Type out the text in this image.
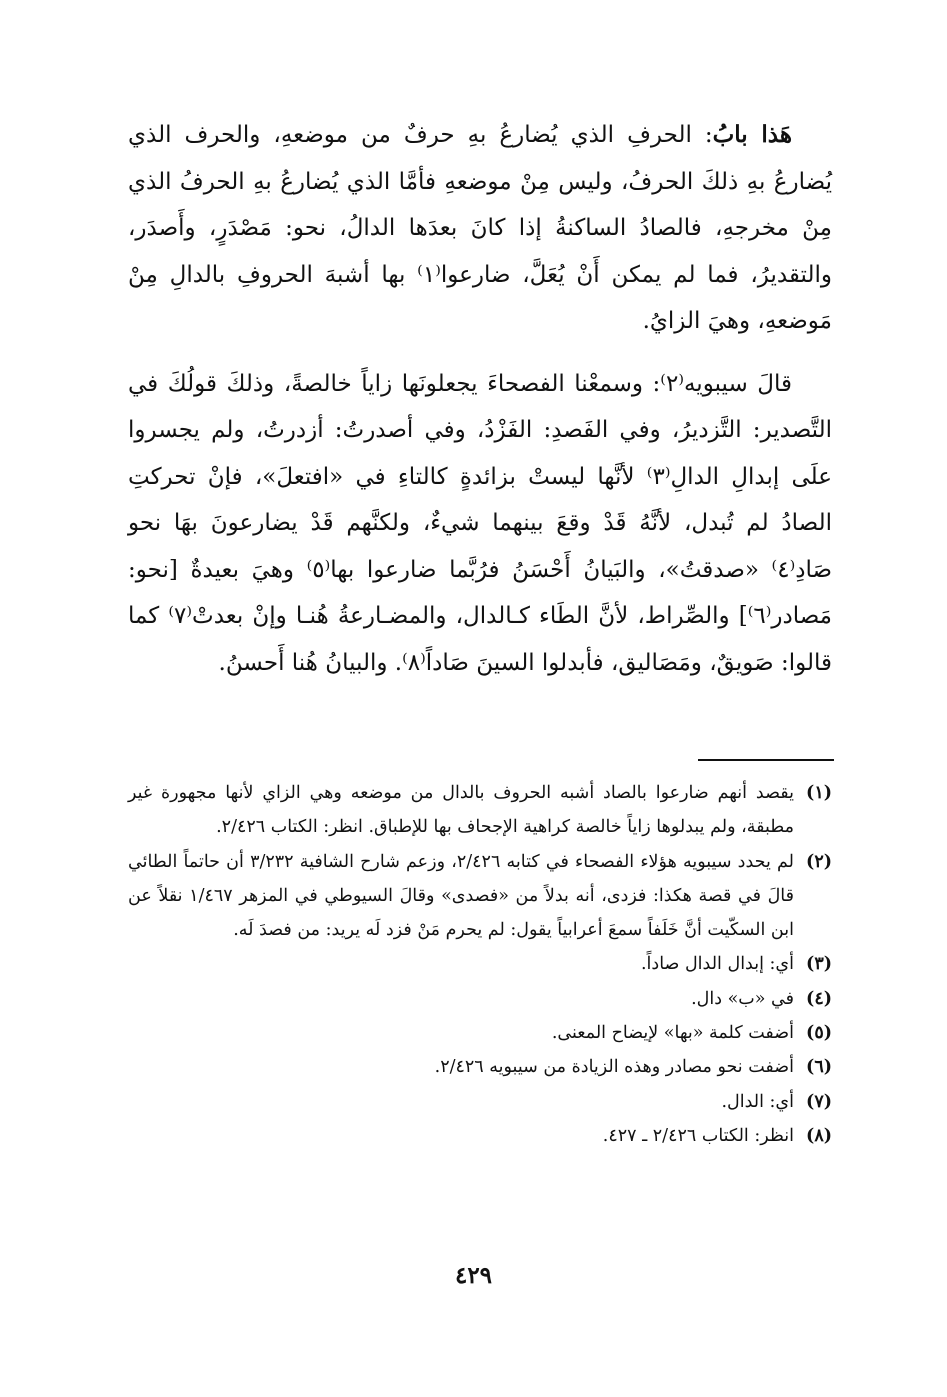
هَذا بابُ: الحرفِ الذي يُضارعُ بهِ حرفٌ من موضعهِ، والحرف الذي يُضارعُ بهِ ذلكَ الحرفُ، وليس مِنْ موضعهِ فأمَّا الذي يُضارعُ بهِ الحرفُ الذي مِنْ مخرجهِ، فالصادُ الساكنةُ إذا كانَ بعدَها الدالُ، نحو: مَصْدَرٍ، وأَصدَر، والتقديرُ، فما لم يمكن أَنْ يُعَلَّ، ضارعوا⁽١⁾ بها أشبهَ الحروفِ بالدالِ مِنْ مَوضعهِ، وهيَ الزايُ.

قالَ سيبويه⁽٢⁾: وسمعْنا الفصحاءَ يجعلونَها زاياً خالصةً، وذلكَ قولُكَ في التَّصدير: التَّزديرُ، وفي الفَصدِ: الفَزْدُ، وفي أصدرتُ: أزدرتُ، ولم يجسروا علَى إبدالِ الدالِ⁽٣⁾ لأنَّها ليستْ بزائدةٍ كالتاءِ في «افتعلَ»، فإنْ تحركتِ الصادُ لم تُبدل، لأنَّهُ قَدْ وقعَ بينهما شيءٌ، ولكنَّهم قَدْ يضارعونَ بهَا نحو صَادِ⁽٤⁾ «صدقتُ»، والبَيانُ أَحْسَنُ فرُبَّما ضارعوا بها⁽٥⁾ وهيَ بعيدةٌ [نحو: مَصادر⁽٦⁾] والصِّراط، لأنَّ الطَاء كـالدال، والمضـارعةُ هُنـا وإنْ بعدتْ⁽٧⁾ كما قالوا: صَويقٌ، ومَصَاليق، فأبدلوا السينَ صَاداً⁽٨⁾. والبيانُ هُنا أَحسنُ.

(١)
يقصد أنهم ضارعوا بالصاد أشبه الحروف بالدال من موضعه وهي الزاي لأنها مجهورة غير مطبقة، ولم يبدلوها زاياً خالصة كراهية الإجحاف بها للإطباق. انظر: الكتاب ٢/٤٢٦.
(٢)
لم يحدد سيبويه هؤلاء الفصحاء في كتابه ٢/٤٢٦، وزعم شارح الشافية ٣/٢٣٢ أن حاتماً الطائي قالَ في قصة هكذا: فزدى، أنه بدلاً من «فصدى» وقالَ السيوطي في المزهر ١/٤٦٧ نقلاً عن ابن السكّيت أنَّ خَلَفاً سمعَ أعرابياً يقول: لم يحرم مَنْ فزد لَه يريد: من فصدَ لَه.
(٣)
أي: إبدال الدال صاداً.
(٤)
في «ب» دال.
(٥)
أضفت كلمة «بها» لإيضاح المعنى.
(٦)
أضفت نحو مصادر وهذه الزيادة من سيبويه ٢/٤٢٦.
(٧)
أي: الدال.
(٨)
انظر: الكتاب ٢/٤٢٦ ـ ٤٢٧.
٤٢٩
